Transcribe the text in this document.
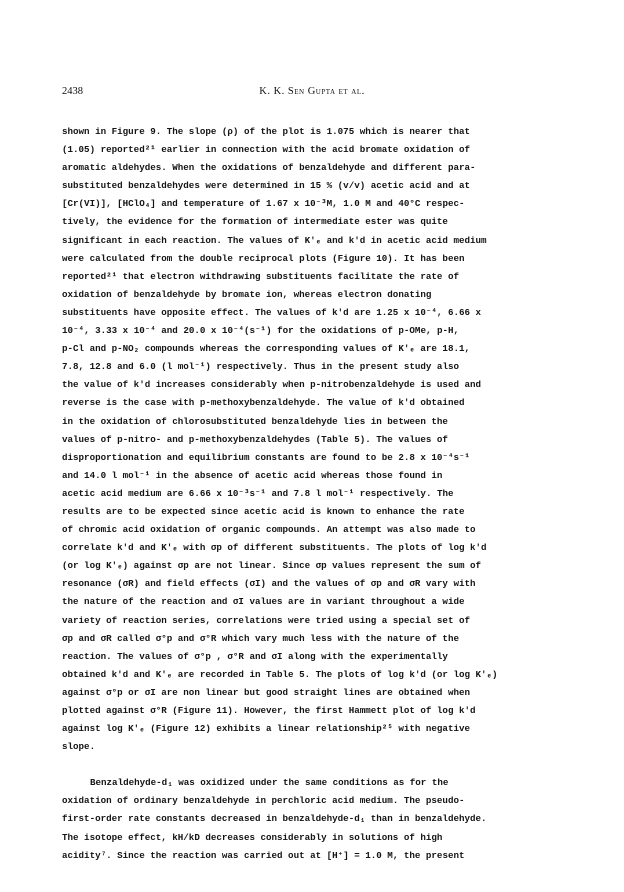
2438	K. K. Sen Gupta et al.
shown in Figure 9. The slope (ρ) of the plot is 1.075 which is nearer that
(1.05) reported²¹ earlier in connection with the acid bromate oxidation of
aromatic aldehydes. When the oxidations of benzaldehyde and different para-
substituted benzaldehydes were determined in 15 % (v/v) acetic acid and at
[Cr(VI)], [HClO₄] and temperature of 1.67 x 10⁻³M, 1.0 M and 40°C respec-
tively, the evidence for the formation of intermediate ester was quite
significant in each reaction. The values of K'ₑ and k'd in acetic acid medium
were calculated from the double reciprocal plots (Figure 10). It has been
reported²¹ that electron withdrawing substituents facilitate the rate of
oxidation of benzaldehyde by bromate ion, whereas electron donating
substituents have opposite effect. The values of k'd are 1.25 x 10⁻⁴, 6.66 x
10⁻⁴, 3.33 x 10⁻⁴ and 20.0 x 10⁻⁴(s⁻¹) for the oxidations of p-OMe, p-H,
p-Cl and p-NO₂ compounds whereas the corresponding values of K'ₑ are 18.1,
7.8, 12.8 and 6.0 (l mol⁻¹) respectively. Thus in the present study also
the value of k'd increases considerably when p-nitrobenzaldehyde is used and
reverse is the case with p-methoxybenzaldehyde. The value of k'd obtained
in the oxidation of chlorosubstituted benzaldehyde lies in between the
values of p-nitro- and p-methoxybenzaldehydes (Table 5). The values of
disproportionation and equilibrium constants are found to be 2.8 x 10⁻⁴s⁻¹
and 14.0 l mol⁻¹ in the absence of acetic acid whereas those found in
acetic acid medium are 6.66 x 10⁻³s⁻¹ and 7.8 l mol⁻¹ respectively. The
results are to be expected since acetic acid is known to enhance the rate
of chromic acid oxidation of organic compounds. An attempt was also made to
correlate k'd and K'ₑ with σp of different substituents. The plots of log k'd
(or log K'ₑ) against σp are not linear. Since σp values represent the sum of
resonance (σR) and field effects (σI) and the values of σp and σR vary with
the nature of the reaction and σI values are in variant throughout a wide
variety of reaction series, correlations were tried using a special set of
σp and σR called σ°p and σ°R which vary much less with the nature of the
reaction. The values of σ°p , σ°R and σI along with the experimentally
obtained k'd and K'ₑ are recorded in Table 5. The plots of log k'd (or log K'ₑ)
against σ°p or σI are non linear but good straight lines are obtained when
plotted against σ°R (Figure 11). However, the first Hammett plot of log k'd
against log K'ₑ (Figure 12) exhibits a linear relationship²⁵ with negative
slope.
Benzaldehyde-d₁ was oxidized under the same conditions as for the
oxidation of ordinary benzaldehyde in perchloric acid medium. The pseudo-
first-order rate constants decreased in benzaldehyde-d₁ than in benzaldehyde.
The isotope effect, kH/kD decreases considerably in solutions of high
acidity⁷. Since the reaction was carried out at [H⁺] = 1.0 M, the present
